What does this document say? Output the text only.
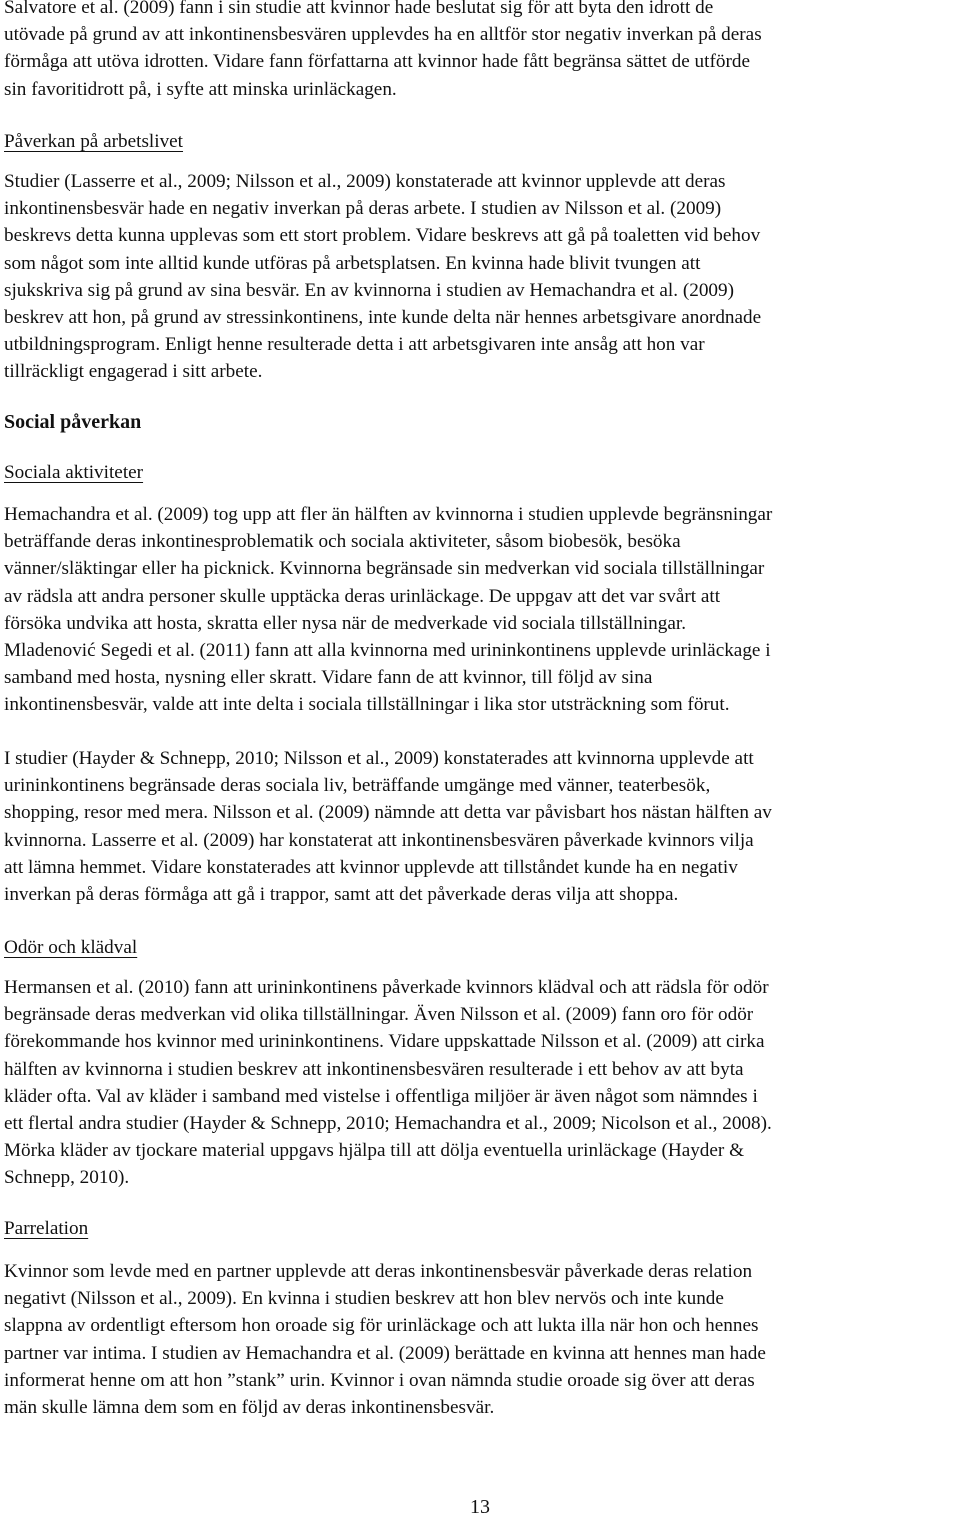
Salvatore et al. (2009) fann i sin studie att kvinnor hade beslutat sig för att byta den idrott de
utövade på grund av att inkontinensbesvären upplevdes ha en alltför stor negativ inverkan på deras
förmåga att utöva idrotten. Vidare fann författarna att kvinnor hade fått begränsa sättet de utförde
sin favoritidrott på, i syfte att minska urinläckagen.
Påverkan på arbetslivet
Studier (Lasserre et al., 2009; Nilsson et al., 2009) konstaterade att kvinnor upplevde att deras
inkontinensbesvär hade en negativ inverkan på deras arbete. I studien av Nilsson et al. (2009)
beskrevs detta kunna upplevas som ett stort problem. Vidare beskrevs att gå på toaletten vid behov
som något som inte alltid kunde utföras på arbetsplatsen. En kvinna hade blivit tvungen att
sjukskriva sig på grund av sina besvär. En av kvinnorna i studien av Hemachandra et al. (2009)
beskrev att hon, på grund av stressinkontinens, inte kunde delta när hennes arbetsgivare anordnade
utbildningsprogram. Enligt henne resulterade detta i att arbetsgivaren inte ansåg att hon var
tillräckligt engagerad i sitt arbete.
Social påverkan
Sociala aktiviteter
Hemachandra et al. (2009) tog upp att fler än hälften av kvinnorna i studien upplevde begränsningar
beträffande deras inkontinesproblematik och sociala aktiviteter, såsom biobesök, besöka
vänner/släktingar eller ha picknick. Kvinnorna begränsade sin medverkan vid sociala tillställningar
av rädsla att andra personer skulle upptäcka deras urinläckage. De uppgav att det var svårt att
försöka undvika att hosta, skratta eller nysa när de medverkade vid sociala tillställningar.
Mladenović Segedi et al. (2011) fann att alla kvinnorna med urininkontinens upplevde urinläckage i
samband med hosta, nysning eller skratt. Vidare fann de att kvinnor, till följd av sina
inkontinensbesvär, valde att inte delta i sociala tillställningar i lika stor utsträckning som förut.
I studier (Hayder & Schnepp, 2010; Nilsson et al., 2009) konstaterades att kvinnorna upplevde att
urininkontinens begränsade deras sociala liv, beträffande umgänge med vänner, teaterbesök,
shopping, resor med mera. Nilsson et al. (2009) nämnde att detta var påvisbart hos nästan hälften av
kvinnorna. Lasserre et al. (2009) har konstaterat att inkontinensbesvären påverkade kvinnors vilja
att lämna hemmet. Vidare konstaterades att kvinnor upplevde att tillståndet kunde ha en negativ
inverkan på deras förmåga att gå i trappor, samt att det påverkade deras vilja att shoppa.
Odör och klädval
Hermansen et al. (2010) fann att urininkontinens påverkade kvinnors klädval och att rädsla för odör
begränsade deras medverkan vid olika tillställningar. Även Nilsson et al. (2009) fann oro för odör
förekommande hos kvinnor med urininkontinens. Vidare uppskattade Nilsson et al. (2009) att cirka
hälften av kvinnorna i studien beskrev att inkontinensbesvären resulterade i ett behov av att byta
kläder ofta. Val av kläder i samband med vistelse i offentliga miljöer är även något som nämndes i
ett flertal andra studier (Hayder & Schnepp, 2010; Hemachandra et al., 2009; Nicolson et al., 2008).
Mörka kläder av tjockare material uppgavs hjälpa till att dölja eventuella urinläckage (Hayder &
Schnepp, 2010).
Parrelation
Kvinnor som levde med en partner upplevde att deras inkontinensbesvär påverkade deras relation
negativt (Nilsson et al., 2009). En kvinna i studien beskrev att hon blev nervös och inte kunde
slappna av ordentligt eftersom hon oroade sig för urinläckage och att lukta illa när hon och hennes
partner var intima. I studien av Hemachandra et al. (2009) berättade en kvinna att hennes man hade
informerat henne om att hon ”stank” urin. Kvinnor i ovan nämnda studie oroade sig över att deras
män skulle lämna dem som en följd av deras inkontinensbesvär.
13
